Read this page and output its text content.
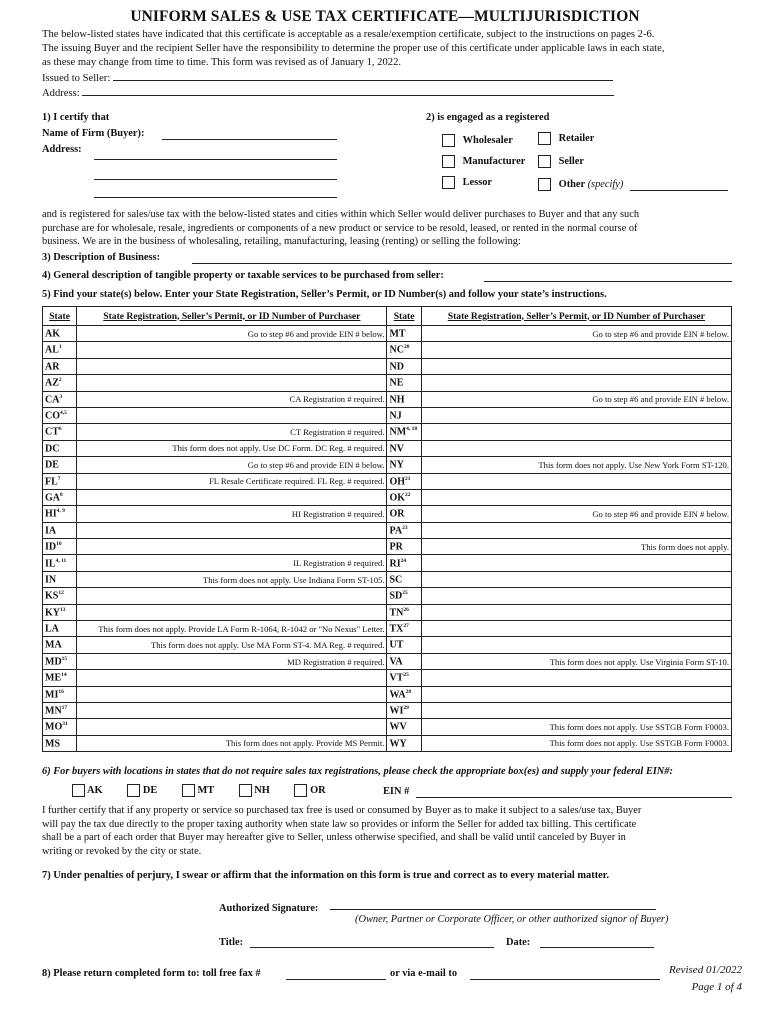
UNIFORM SALES & USE TAX CERTIFICATE—MULTIJURISDICTION
The below-listed states have indicated that this certificate is acceptable as a resale/exemption certificate, subject to the instructions on pages 2-6.
The issuing Buyer and the recipient Seller have the responsibility to determine the proper use of this certificate under applicable laws in each state,
as these may change from time to time. This form was revised as of January 1, 2022.
Issued to Seller:
Address:
1) I certify that
Name of Firm (Buyer):
Address:
2) is engaged as a registered
Wholesaler	Retailer
Manufacturer	Seller
Lessor	Other (specify)
and is registered for sales/use tax with the below-listed states and cities within which Seller would deliver purchases to Buyer and that any such
purchase are for wholesale, resale, ingredients or components of a new product or service to be resold, leased, or rented in the normal course of
business. We are in the business of wholesaling, retailing, manufacturing, leasing (renting) or selling the following:
3) Description of Business:
4) General description of tangible property or taxable services to be purchased from seller:
5) Find your state(s) below. Enter your State Registration, Seller’s Permit, or ID Number(s) and follow your state’s instructions.
State	State Registration, Seller’s Permit, or ID Number of Purchaser	State	State Registration, Seller’s Permit, or ID Number of Purchaser
AK	Go to step #6 and provide EIN # below.	MT	Go to step #6 and provide EIN # below.
$AL^1$		NC$^{20}$	
AR		ND	
$AZ^2$		NE	
$CA^3$	CA Registration # required.	NH	Go to step #6 and provide EIN # below.
CO$^{4,5}$		NJ	
$CT^6$	CT Registration # required.	NM$^{4, 18}$	
DC	This form does not apply. Use DC Form. DC Reg. # required.	NV	
DE	Go to step #6 and provide EIN # below.	NY	This form does not apply. Use New York Form ST-120.
$FL^7$	FL Resale Certificate required. FL Reg. # required.	OH$^{21}$	
$GA^8$		OK$^{22}$	
HI$^{4, 9}$	HI Registration # required.	OR	Go to step #6 and provide EIN # below.
IA		PA$^{23}$	
ID$^{10}$		PR	This form does not apply.
IL$^{4, 11}$	IL Registration # required.	RI$^{24}$	
IN	This form does not apply. Use Indiana Form ST-105.	SC	
KS$^{12}$		SD$^{25}$	
KY$^{13}$		TN$^{26}$	
LA	This form does not apply. Provide LA Form R-1064, R-1042 or "No Nexus" Letter.	TX$^{27}$	
MA	This form does not apply. Use MA Form ST-4. MA Reg. # required.	UT	
MD$^{15}$	MD Registration # required.	VA	This form does not apply. Use Virginia Form ST-10.
ME$^{14}$		VT$^{25}$	
MI$^{16}$		WA$^{28}$	
MN$^{17}$		WI$^{29}$	
MO$^{31}$		WV	This form does not apply. Use SSTGB Form F0003.
MS	This form does not apply. Provide MS Permit.	WY	This form does not apply. Use SSTGB Form F0003.
6) For buyers with locations in states that do not require sales tax registrations, please check the appropriate box(es) and supply your federal EIN#:
AK	DE	MT	NH	OR	EIN #
I further certify that if any property or service so purchased tax free is used or consumed by Buyer as to make it subject to a sales/use tax, Buyer
will pay the tax due directly to the proper taxing authority when state law so provides or inform the Seller for added tax billing. This certificate
shall be a part of each order that Buyer may hereafter give to Seller, unless otherwise specified, and shall be valid until canceled by Buyer in
writing or revoked by the city or state.
7) Under penalties of perjury, I swear or affirm that the information on this form is true and correct as to every material matter.
Authorized Signature:
(Owner, Partner or Corporate Officer, or other authorized signor of Buyer)
Title:	Date:
8) Please return completed form to: toll free fax #	or via e-mail to	Revised 01/2022
Page 1 of 4
